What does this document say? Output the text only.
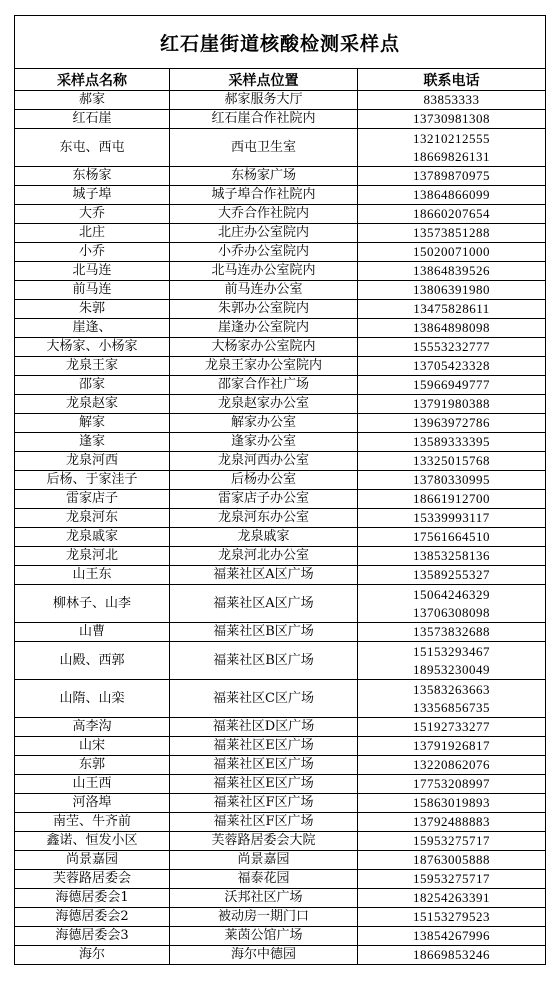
红石崖街道核酸检测采样点		
采样点名称	采样点位置	联系电话
郝家	郝家服务大厅	83853333

红石崖	红石崖合作社院内	13730981308

东屯、西屯	西屯卫生室	13210212555
18669826131

东杨家	东杨家广场	13789870975

城子埠	城子埠合作社院内	13864866099

大乔	大乔合作社院内	18660207654

北庄	北庄办公室院内	13573851288

小乔	小乔办公室院内	15020071000

北马连	北马连办公室院内	13864839526

前马连	前马连办公室	13806391980

朱郭	朱郭办公室院内	13475828611

崖逢、	崖逢办公室院内	13864898098

大杨家、小杨家	大杨家办公室院内	15553232777

龙泉王家	龙泉王家办公室院内	13705423328

邵家	邵家合作社广场	15966949777

龙泉赵家	龙泉赵家办公室	13791980388

解家	解家办公室	13963972786

逢家	逢家办公室	13589333395

龙泉河西	龙泉河西办公室	13325015768

后杨、于家洼子	后杨办公室	13780330995

雷家店子	雷家店子办公室	18661912700

龙泉河东	龙泉河东办公室	15339993117

龙泉戚家	龙泉戚家	17561664510

龙泉河北	龙泉河北办公室	13853258136

山王东	福莱社区A区广场	13589255327

柳林子、山李	福莱社区A区广场	15064246329
13706308098

山曹	福莱社区B区广场	13573832688

山殿、西郭	福莱社区B区广场	15153293467
18953230049

山隋、山栾	福莱社区C区广场	13583263663
13356856735

高李沟	福莱社区D区广场	15192733277

山宋	福莱社区E区广场	13791926817

东郭	福莱社区E区广场	13220862076

山王西	福莱社区E区广场	17753208997

河洛埠	福莱社区F区广场	15863019893

南茔、牛齐前	福莱社区F区广场	13792488883

鑫诺、恒发小区	芙蓉路居委会大院	15953275717

尚景嘉园	尚景嘉园	18763005888

芙蓉路居委会	福泰花园	15953275717

海德居委会1	沃邦社区广场	18254263391

海德居委会2	被动房一期门口	15153279523

海德居委会3	莱茵公馆广场	13854267996

海尔	海尔中德园	18669853246
